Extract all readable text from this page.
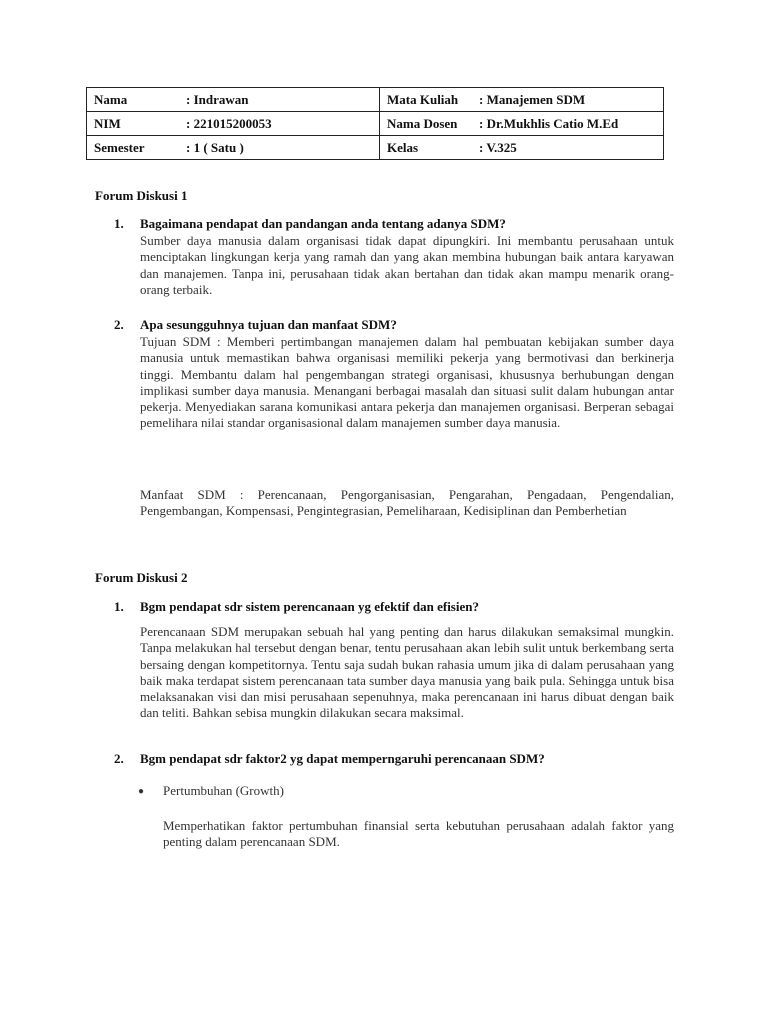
Nama : Indrawan	Mata Kuliah : Manajemen SDM
NIM : 221015200053	Nama Dosen : Dr.Mukhlis Catio M.Ed
Semester : 1 ( Satu )	Kelas : V.325

Forum Diskusi 1

1. Bagaimana pendapat dan pandangan anda tentang adanya SDM?

Sumber daya manusia dalam organisasi tidak dapat dipungkiri. Ini membantu perusahaan untuk menciptakan lingkungan kerja yang ramah dan yang akan membina hubungan baik antara karyawan dan manajemen. Tanpa ini, perusahaan tidak akan bertahan dan tidak akan mampu menarik orang-orang terbaik.

2. Apa sesungguhnya tujuan dan manfaat SDM?

Tujuan SDM : Memberi pertimbangan manajemen dalam hal pembuatan kebijakan sumber daya manusia untuk memastikan bahwa organisasi memiliki pekerja yang bermotivasi dan berkinerja tinggi. Membantu dalam hal pengembangan strategi organisasi, khususnya berhubungan dengan implikasi sumber daya manusia. Menangani berbagai masalah dan situasi sulit dalam hubungan antar pekerja. Menyediakan sarana komunikasi antara pekerja dan manajemen organisasi. Berperan sebagai pemelihara nilai standar organisasional dalam manajemen sumber daya manusia.

Manfaat SDM : Perencanaan, Pengorganisasian, Pengarahan, Pengadaan, Pengendalian, Pengembangan, Kompensasi, Pengintegrasian, Pemeliharaan, Kedisiplinan dan Pemberhetian

Forum Diskusi 2

1. Bgm pendapat sdr sistem perencanaan yg efektif dan efisien?

Perencanaan SDM merupakan sebuah hal yang penting dan harus dilakukan semaksimal mungkin. Tanpa melakukan hal tersebut dengan benar, tentu perusahaan akan lebih sulit untuk berkembang serta bersaing dengan kompetitornya. Tentu saja sudah bukan rahasia umum jika di dalam perusahaan yang baik maka terdapat sistem perencanaan tata sumber daya manusia yang baik pula. Sehingga untuk bisa melaksanakan visi dan misi perusahaan sepenuhnya, maka perencanaan ini harus dibuat dengan baik dan teliti. Bahkan sebisa mungkin dilakukan secara maksimal.

2. Bgm pendapat sdr faktor2 yg dapat memperngaruhi perencanaan SDM?

● Pertumbuhan (Growth)

Memperhatikan faktor pertumbuhan finansial serta kebutuhan perusahaan adalah faktor yang penting dalam perencanaan SDM.
